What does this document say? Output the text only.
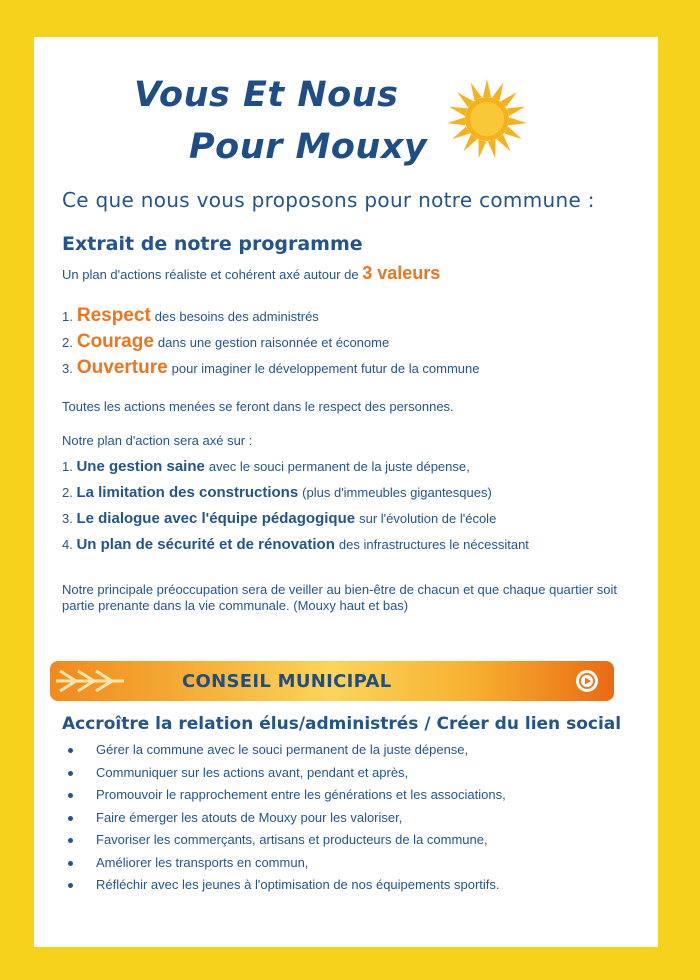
Vous Et Nous
Pour Mouxy
Ce que nous vous proposons pour notre commune :
Extrait de notre programme
Un plan d'actions réaliste et cohérent axé autour de 3 valeurs
1. Respect des besoins des administrés
2. Courage dans une gestion raisonnée et économe
3. Ouverture pour imaginer le développement futur de la commune
Toutes les actions menées se feront dans le respect des personnes.
Notre plan d'action sera axé sur :
1. Une gestion saine avec le souci permanent de la juste dépense,
2. La limitation des constructions (plus d'immeubles gigantesques)
3. Le dialogue avec l'équipe pédagogique sur l'évolution de l'école
4. Un plan de sécurité et de rénovation des infrastructures le nécessitant
Notre principale préoccupation sera de veiller au bien-être de chacun et que chaque quartier soit partie prenante dans la vie communale. (Mouxy haut et bas)
CONSEIL MUNICIPAL
Accroître la relation élus/administrés / Créer du lien social
Gérer la commune avec le souci permanent de la juste dépense,
Communiquer sur les actions avant, pendant et après,
Promouvoir le rapprochement entre les générations et les associations,
Faire émerger les atouts de Mouxy pour les valoriser,
Favoriser les commerçants, artisans et producteurs de la commune,
Améliorer les transports en commun,
Réfléchir avec les jeunes à l'optimisation de nos équipements sportifs.
